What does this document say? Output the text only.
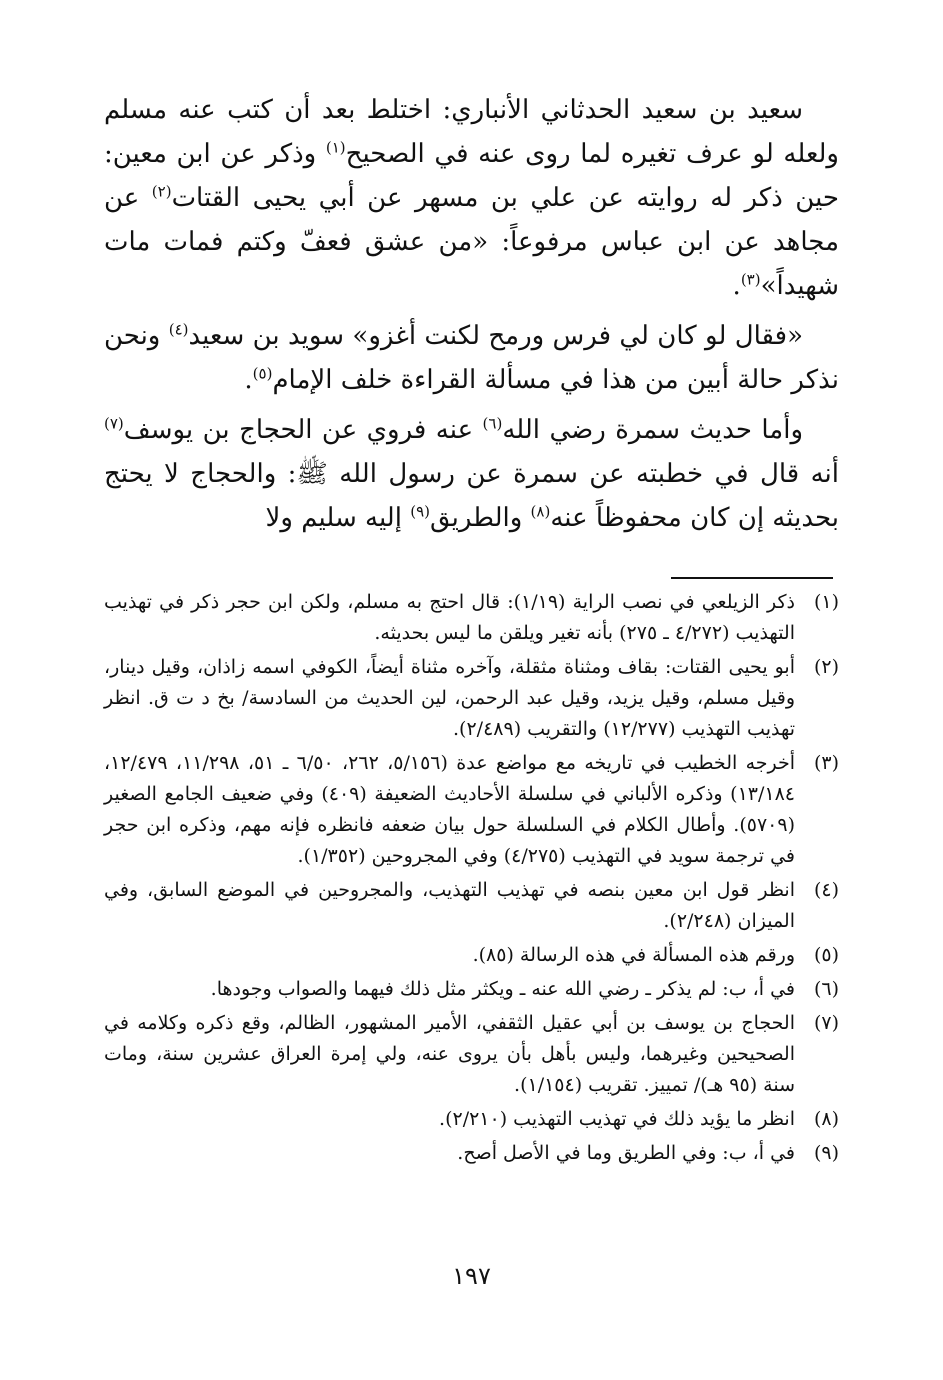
سعيد بن سعيد الحدثاني الأنباري: اختلط بعد أن كتب عنه مسلم ولعله لو عرف تغيره لما روى عنه في الصحيح$^{(١)}$ وذكر عن ابن معين: حين ذكر له روايته عن علي بن مسهر عن أبي يحيى القتات$^{(٢)}$ عن مجاهد عن ابن عباس مرفوعاً: «من عشق فعفّ وكتم فمات مات شهيداً»$^{(٣)}$.

«فقال لو كان لي فرس ورمح لكنت أغزو» سويد بن سعيد$^{(٤)}$ ونحن نذكر حالة أبين من هذا في مسألة القراءة خلف الإمام$^{(٥)}$.

وأما حديث سمرة رضي الله$^{(٦)}$ عنه فروي عن الحجاج بن يوسف$^{(٧)}$ أنه قال في خطبته عن سمرة عن رسول الله ﷺ: والحجاج لا يحتج بحديثه إن كان محفوظاً عنه$^{(٨)}$ والطريق$^{(٩)}$ إليه سليم ولا

(١)
ذكر الزيلعي في نصب الراية (١/١٩): قال احتج به مسلم، ولكن ابن حجر ذكر في تهذيب التهذيب (٤/٢٧٢ ـ ٢٧٥) بأنه تغير ويلقن ما ليس بحديثه.
(٢)
أبو يحيى القتات: بقاف ومثناة مثقلة، وآخره مثناة أيضاً، الكوفي اسمه زاذان، وقيل دينار، وقيل مسلم، وقيل يزيد، وقيل عبد الرحمن، لين الحديث من السادسة/ بخ د ت ق. انظر تهذيب التهذيب (١٢/٢٧٧) والتقريب (٢/٤٨٩).
(٣)
أخرجه الخطيب في تاريخه مع مواضع عدة (٥/١٥٦، ٢٦٢، ٦/٥٠ ـ ٥١، ١١/٢٩٨، ١٢/٤٧٩، ١٣/١٨٤) وذكره الألباني في سلسلة الأحاديث الضعيفة (٤٠٩) وفي ضعيف الجامع الصغير (٥٧٠٩). وأطال الكلام في السلسلة حول بيان ضعفه فانظره فإنه مهم، وذكره ابن حجر في ترجمة سويد في التهذيب (٤/٢٧٥) وفي المجروحين (١/٣٥٢).
(٤)
انظر قول ابن معين بنصه في تهذيب التهذيب، والمجروحين في الموضع السابق، وفي الميزان (٢/٢٤٨).
(٥)
ورقم هذه المسألة في هذه الرسالة (٨٥).
(٦)
في أ، ب: لم يذكر ـ رضي الله عنه ـ ويكثر مثل ذلك فيهما والصواب وجودها.
(٧)
الحجاج بن يوسف بن أبي عقيل الثقفي، الأمير المشهور، الظالم، وقع ذكره وكلامه في الصحيحين وغيرهما، وليس بأهل بأن يروى عنه، ولي إمرة العراق عشرين سنة، ومات سنة (٩٥ هـ)/ تمييز. تقريب (١/١٥٤).
(٨)
انظر ما يؤيد ذلك في تهذيب التهذيب (٢/٢١٠).
(٩)
في أ، ب: وفي الطريق وما في الأصل أصح.
١٩٧
